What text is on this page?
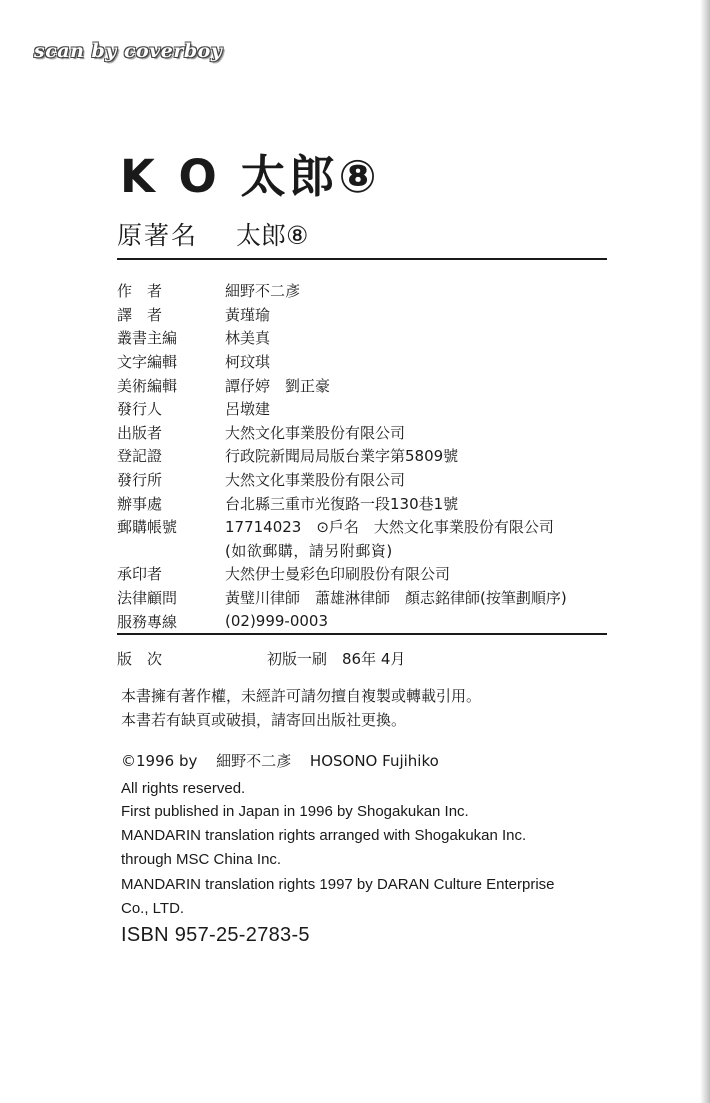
scan by coverboy
K O 太郎⑧
原著名 太郎⑧
作　者	細野不二彥
譯　者	黃瑾瑜
叢書主編	林美真
文字編輯	柯玟琪
美術編輯	譚伃婷　劉正豪
發行人	呂墩建
出版者	大然文化事業股份有限公司
登記證	行政院新聞局局版台業字第5809號
發行所	大然文化事業股份有限公司
辦事處	台北縣三重市光復路一段130巷1號
郵購帳號	17714023　⊙戶名　大然文化事業股份有限公司
(如欲郵購，請另附郵資)
承印者	大然伊士曼彩色印刷股份有限公司
法律顧問	黃璧川律師　蕭雄淋律師　顏志銘律師(按筆劃順序)
服務專線	(02)999-0003
版　次	初版一刷　86年 4月
本書擁有著作權，未經許可請勿擅自複製或轉載引用。
本書若有缺頁或破損，請寄回出版社更換。
©1996 by 細野不二彥 HOSONO Fujihiko
All rights reserved.
First published in Japan in 1996 by Shogakukan Inc.
MANDARIN translation rights arranged with Shogakukan Inc.
through MSC China Inc.
MANDARIN translation rights 1997 by DARAN Culture Enterprise
Co., LTD.
ISBN 957-25-2783-5
